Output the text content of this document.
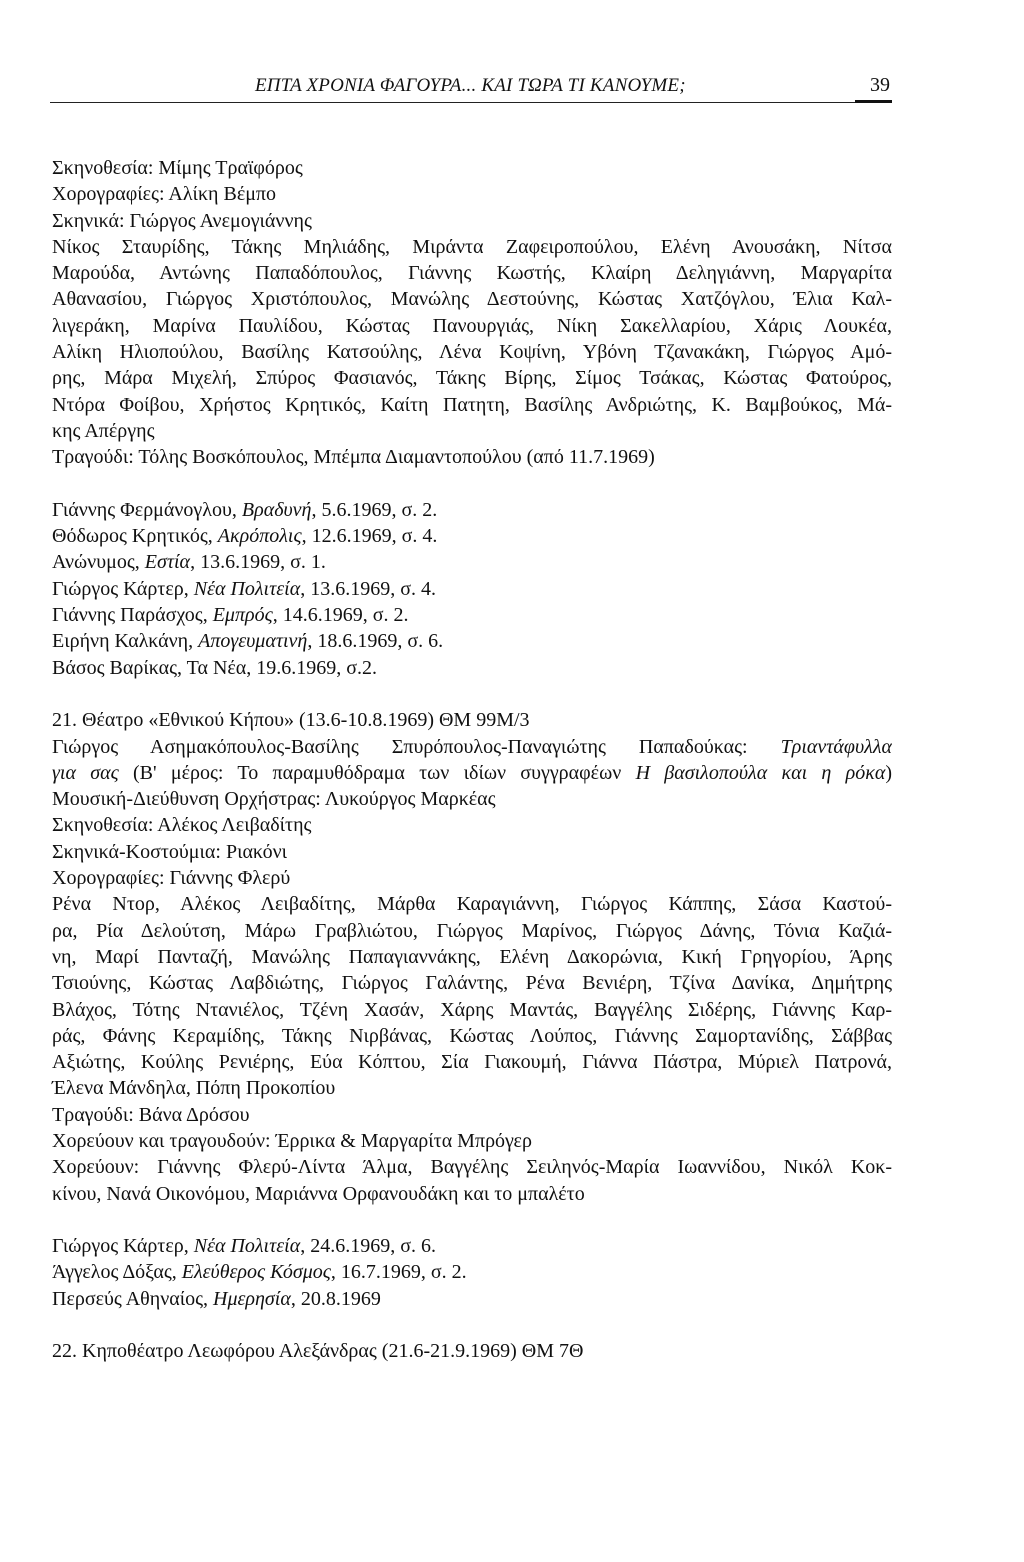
ΕΠΤΑ ΧΡΟΝΙΑ ΦΑΓΟΥΡΑ... ΚΑΙ ΤΩΡΑ ΤΙ ΚΑΝΟΥΜΕ;	39
Σκηνοθεσία: Μίμης Τραϊφόρος
Χορογραφίες: Αλίκη Βέμπο
Σκηνικά: Γιώργος Ανεμογιάννης
Νίκος Σταυρίδης, Τάκης Μηλιάδης, Μιράντα Ζαφειροπούλου, Ελένη Ανουσάκη, Νίτσα
Μαρούδα, Αντώνης Παπαδόπουλος, Γιάννης Κωστής, Κλαίρη Δεληγιάννη, Μαργαρίτα
Αθανασίου, Γιώργος Χριστόπουλος, Μανώλης Δεστούνης, Κώστας Χατζόγλου, Έλια Καλ-
λιγεράκη, Μαρίνα Παυλίδου, Κώστας Πανουργιάς, Νίκη Σακελλαρίου, Χάρις Λουκέα,
Αλίκη Ηλιοπούλου, Βασίλης Κατσούλης, Λένα Κοψίνη, Υβόνη Τζανακάκη, Γιώργος Αμό-
ρης, Μάρα Μιχελή, Σπύρος Φασιανός, Τάκης Βίρης, Σίμος Τσάκας, Κώστας Φατούρος,
Ντόρα Φοίβου, Χρήστος Κρητικός, Καίτη Πατητη, Βασίλης Ανδριώτης, Κ. Βαμβούκος, Μά-
κης Απέργης
Τραγούδι: Τόλης Βοσκόπουλος, Μπέμπα Διαμαντοπούλου (από 11.7.1969)
Γιάννης Φερμάνογλου, Βραδυνή, 5.6.1969, σ. 2.
Θόδωρος Κρητικός, Ακρόπολις, 12.6.1969, σ. 4.
Ανώνυμος, Εστία, 13.6.1969, σ. 1.
Γιώργος Κάρτερ, Νέα Πολιτεία, 13.6.1969, σ. 4.
Γιάννης Παράσχος, Εμπρός, 14.6.1969, σ. 2.
Ειρήνη Καλκάνη, Απογευματινή, 18.6.1969, σ. 6.
Βάσος Βαρίκας, Τα Νέα, 19.6.1969, σ.2.
21. Θέατρο «Εθνικού Κήπου» (13.6-10.8.1969) ΘΜ 99Μ/3
Γιώργος Ασημακόπουλος-Βασίλης Σπυρόπουλος-Παναγιώτης Παπαδούκας: Τριαντάφυλλα
για σας (Β' μέρος: Το παραμυθόδραμα των ιδίων συγγραφέων Η βασιλοπούλα και η ρόκα)
Μουσική-Διεύθυνση Ορχήστρας: Λυκούργος Μαρκέας
Σκηνοθεσία: Αλέκος Λειβαδίτης
Σκηνικά-Κοστούμια: Ριακόνι
Χορογραφίες: Γιάννης Φλερύ
Ρένα Ντορ, Αλέκος Λειβαδίτης, Μάρθα Καραγιάννη, Γιώργος Κάππης, Σάσα Καστού-
ρα, Ρία Δελούτση, Μάρω Γραβλιώτου, Γιώργος Μαρίνος, Γιώργος Δάνης, Τόνια Καζιά-
νη, Μαρί Πανταζή, Μανώλης Παπαγιαννάκης, Ελένη Δακορώνια, Κική Γρηγορίου, Άρης
Τσιούνης, Κώστας Λαβδιώτης, Γιώργος Γαλάντης, Ρένα Βενιέρη, Τζίνα Δανίκα, Δημήτρης
Βλάχος, Τότης Ντανιέλος, Τζένη Χασάν, Χάρης Μαντάς, Βαγγέλης Σιδέρης, Γιάννης Καρ-
ράς, Φάνης Κεραμίδης, Τάκης Νιρβάνας, Κώστας Λούπος, Γιάννης Σαμορτανίδης, Σάββας
Αξιώτης, Κούλης Ρενιέρης, Εύα Κόπτου, Σία Γιακουμή, Γιάννα Πάστρα, Μύριελ Πατρονά,
Έλενα Μάνδηλα, Πόπη Προκοπίου
Τραγούδι: Βάνα Δρόσου
Χορεύουν και τραγουδούν: Έρρικα & Μαργαρίτα Μπρόγερ
Χορεύουν: Γιάννης Φλερύ-Λίντα Άλμα, Βαγγέλης Σειληνός-Μαρία Ιωαννίδου, Νικόλ Κοκ-
κίνου, Νανά Οικονόμου, Μαριάννα Ορφανουδάκη και το μπαλέτο
Γιώργος Κάρτερ, Νέα Πολιτεία, 24.6.1969, σ. 6.
Άγγελος Δόξας, Ελεύθερος Κόσμος, 16.7.1969, σ. 2.
Περσεύς Αθηναίος, Ημερησία, 20.8.1969
22. Κηποθέατρο Λεωφόρου Αλεξάνδρας (21.6-21.9.1969) ΘΜ 7Θ
